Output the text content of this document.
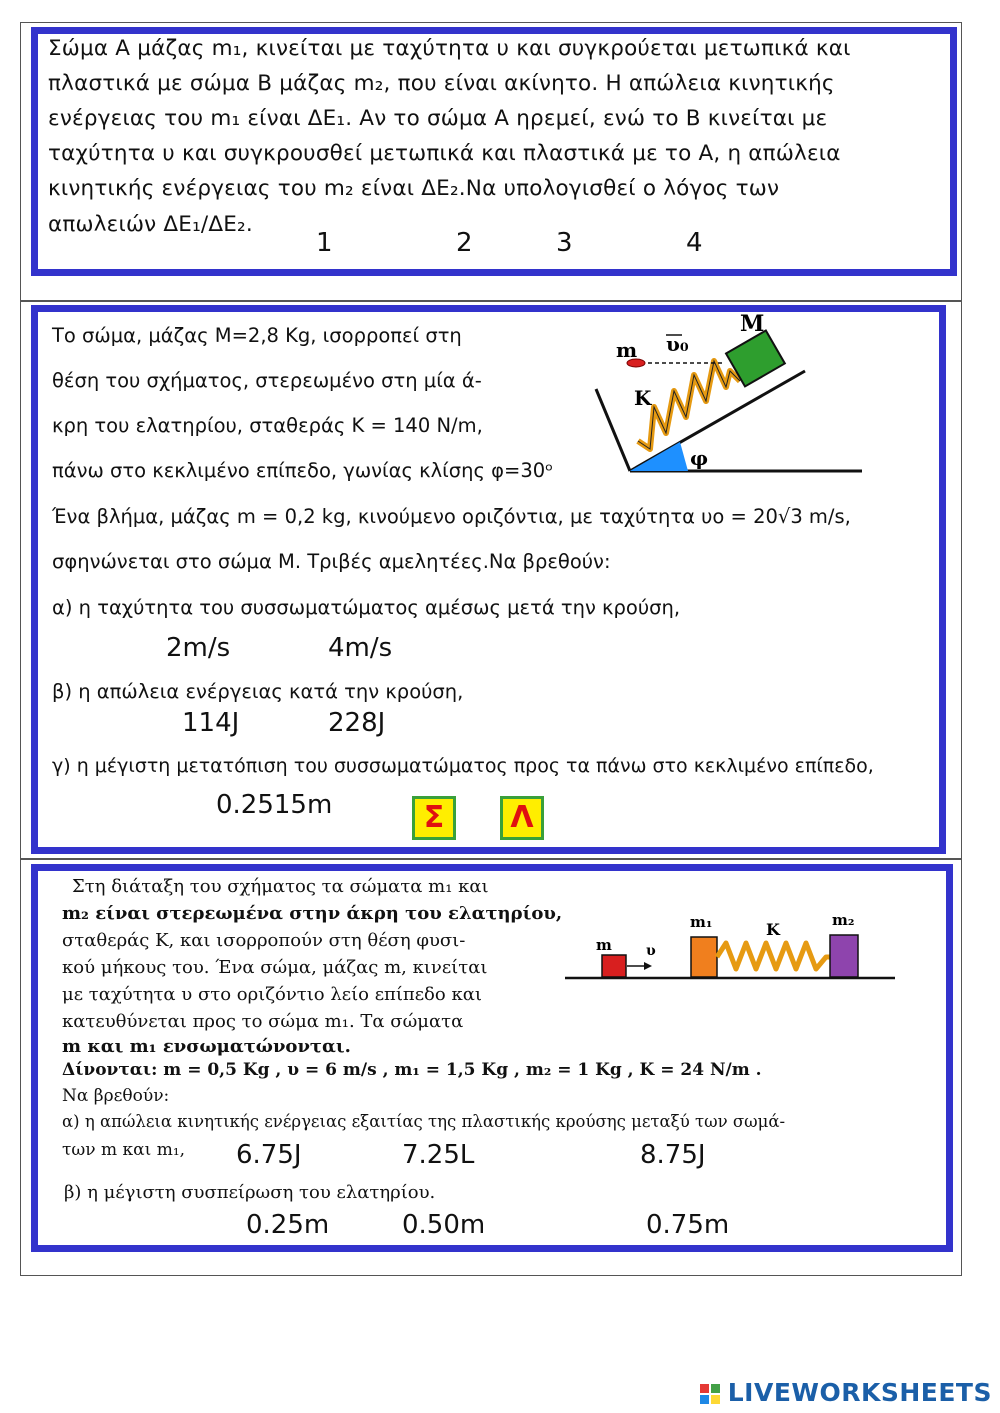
Σώμα Α μάζας m₁, κινείται με ταχύτητα υ και συγκρούεται μετωπικά και
πλαστικά με σώμα Β μάζας m₂, που είναι ακίνητο. Η απώλεια κινητικής
ενέργειας του m₁ είναι ΔΕ₁. Αν το σώμα Α ηρεμεί, ενώ το Β κινείται με
ταχύτητα υ και συγκρουσθεί μετωπικά και πλαστικά με το Α, η απώλεια
κινητικής ενέργειας του m₂ είναι ΔΕ₂.Να υπολογισθεί ο λόγος των
απωλειών ΔΕ₁/ΔΕ₂.
1	2	3	4
Το σώμα, μάζας Μ=2,8 Kg, ισορροπεί στη
θέση του σχήματος, στερεωμένο στη μία ά-
κρη του ελατηρίου, σταθεράς Κ = 140 N/m,
πάνω στο κεκλιμένο επίπεδο, γωνίας κλίσης φ=30ᵒ
Ένα βλήμα, μάζας m = 0,2 kg, κινούμενο οριζόντια, με ταχύτητα υο = 20√3 m/s,
σφηνώνεται στο σώμα Μ. Τριβές αμελητέες.Να βρεθούν:
α) η ταχύτητα του συσσωματώματος αμέσως μετά την κρούση,
2m/s	4m/s
β) η απώλεια ενέργειας κατά την κρούση,
114J	228J
γ) η μέγιστη μετατόπιση του συσσωματώματος προς τα πάνω στο κεκλιμένο επίπεδο,
0.2515m	Σ	Λ
m υ₀
M
K
φ
Στη διάταξη του σχήματος τα σώματα m₁ και
m₂ είναι στερεωμένα στην άκρη του ελατηρίου,
σταθεράς K, και ισορροπούν στη θέση φυσι-
κού μήκους του. Ένα σώμα, μάζας m, κινείται
με ταχύτητα υ στο οριζόντιο λείο επίπεδο και
κατευθύνεται προς το σώμα m₁. Τα σώματα
m και m₁ ενσωματώνονται.
Δίνονται: m = 0,5 Kg , υ = 6 m/s , m₁ = 1,5 Kg , m₂ = 1 Kg , K = 24 N/m .
Να βρεθούν:
α) η απώλεια κινητικής ενέργειας εξαιτίας της πλαστικής κρούσης μεταξύ των σωμά-
των m και m₁, 6.75J	7.25L	8.75J
β) η μέγιστη συσπείρωση του ελατηρίου.
0.25m	0.50m	0.75m
m υ
m₁	K	m₂
LIVEWORKSHEETS
